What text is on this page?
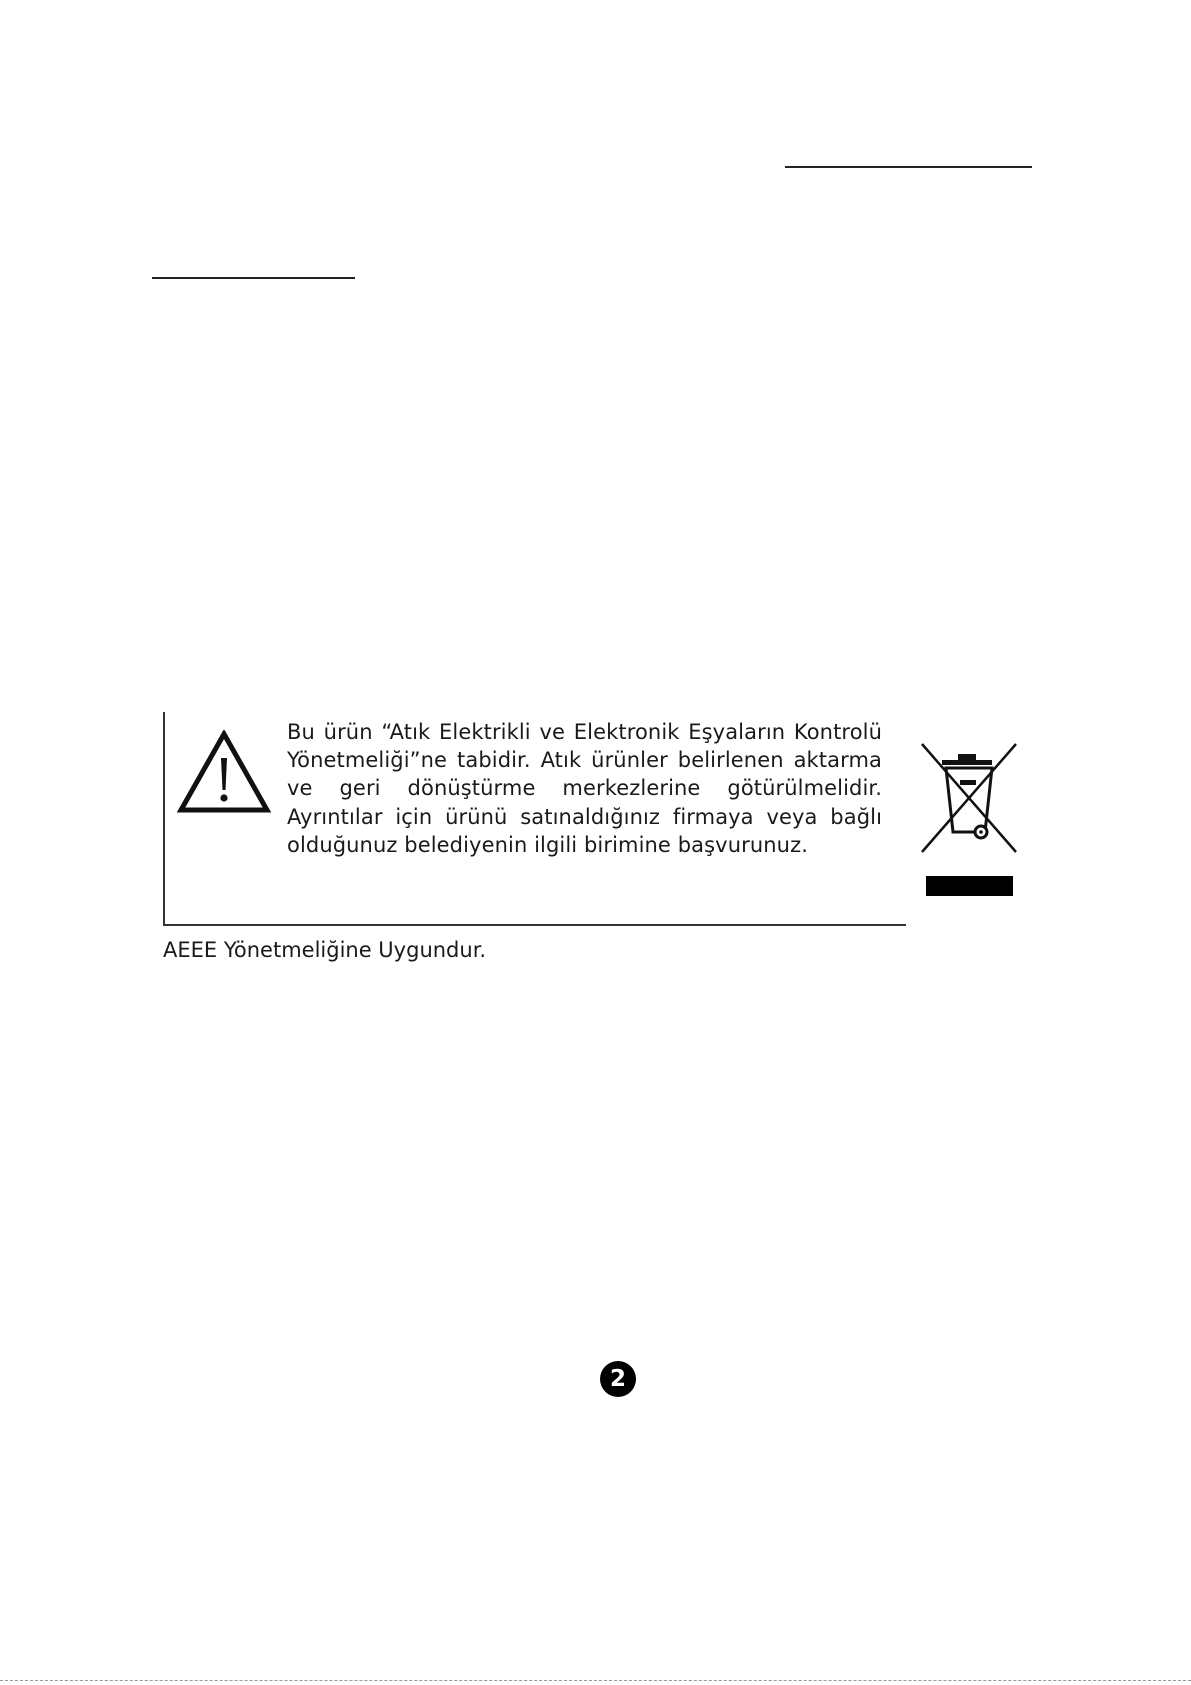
Bu ürün “Atık Elektrikli ve Elektronik Eşyaların Kontrolü Yönetmeliği”ne tabidir. Atık ürünler belirlenen aktarma ve geri dönüştürme merkezlerine götürülmelidir. Ayrıntılar için ürünü satınaldığınız firmaya veya bağlı olduğunuz belediyenin ilgili birimine başvurunuz.
AEEE Yönetmeliğine Uygundur.
2
